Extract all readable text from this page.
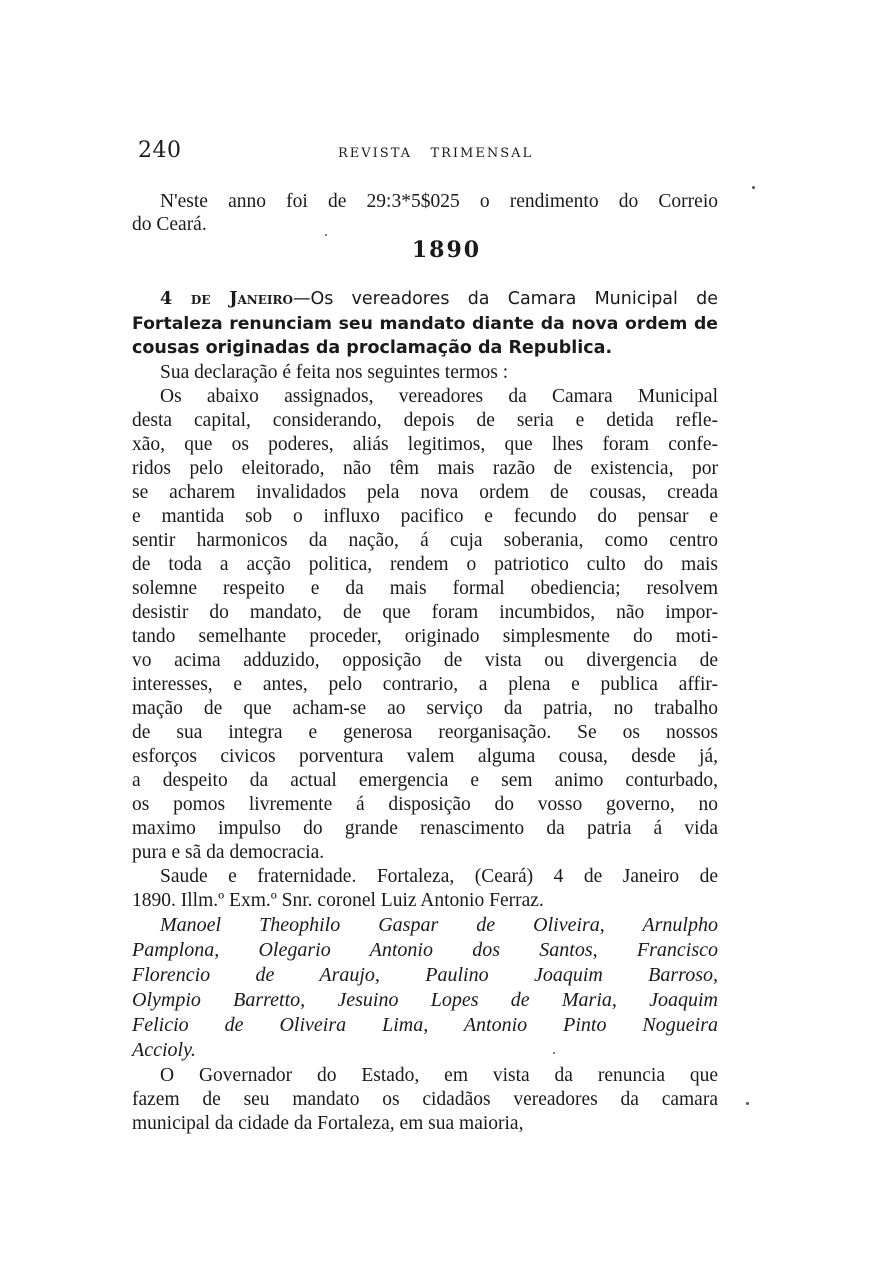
240	REVISTA   TRIMENSAL
N'este anno foi de 29:3*5$025 o rendimento do Correio
do Ceará.
1890
4 de Janeiro—Os vereadores da Camara Municipal de
Fortaleza renunciam seu mandato diante da nova ordem de
cousas originadas da proclamação da Republica.
Sua declaração é feita nos seguintes termos :
Os abaixo assignados, vereadores da Camara Municipal
desta capital, considerando, depois de seria e detida refle-
xão, que os poderes, aliás legitimos, que lhes foram confe-
ridos pelo eleitorado, não têm mais razão de existencia, por
se acharem invalidados pela nova ordem de cousas, creada
e mantida sob o influxo pacifico e fecundo do pensar e
sentir harmonicos da nação, á cuja soberania, como centro
de toda a acção politica, rendem o patriotico culto do mais
solemne respeito e da mais formal obediencia; resolvem
desistir do mandato, de que foram incumbidos, não impor-
tando semelhante proceder, originado simplesmente do moti-
vo acima adduzido, opposição de vista ou divergencia de
interesses, e antes, pelo contrario, a plena e publica affir-
mação de que acham-se ao serviço da patria, no trabalho
de sua integra e generosa reorganisação. Se os nossos
esforços civicos porventura valem alguma cousa, desde já,
a despeito da actual emergencia e sem animo conturbado,
os pomos livremente á disposição do vosso governo, no
maximo impulso do grande renascimento da patria á vida
pura e sã da democracia.
Saude e fraternidade. Fortaleza, (Ceará) 4 de Janeiro de
1890. Illm.º Exm.º Snr. coronel Luiz Antonio Ferraz.
Manoel Theophilo Gaspar de Oliveira, Arnulpho
Pamplona, Olegario Antonio dos Santos, Francisco
Florencio de Araujo, Paulino Joaquim Barroso,
Olympio Barretto, Jesuino Lopes de Maria, Joaquim
Felicio de Oliveira Lima, Antonio Pinto Nogueira
Accioly.
O Governador do Estado, em vista da renuncia que
fazem de seu mandato os cidadãos vereadores da camara
municipal da cidade da Fortaleza, em sua maioria,
